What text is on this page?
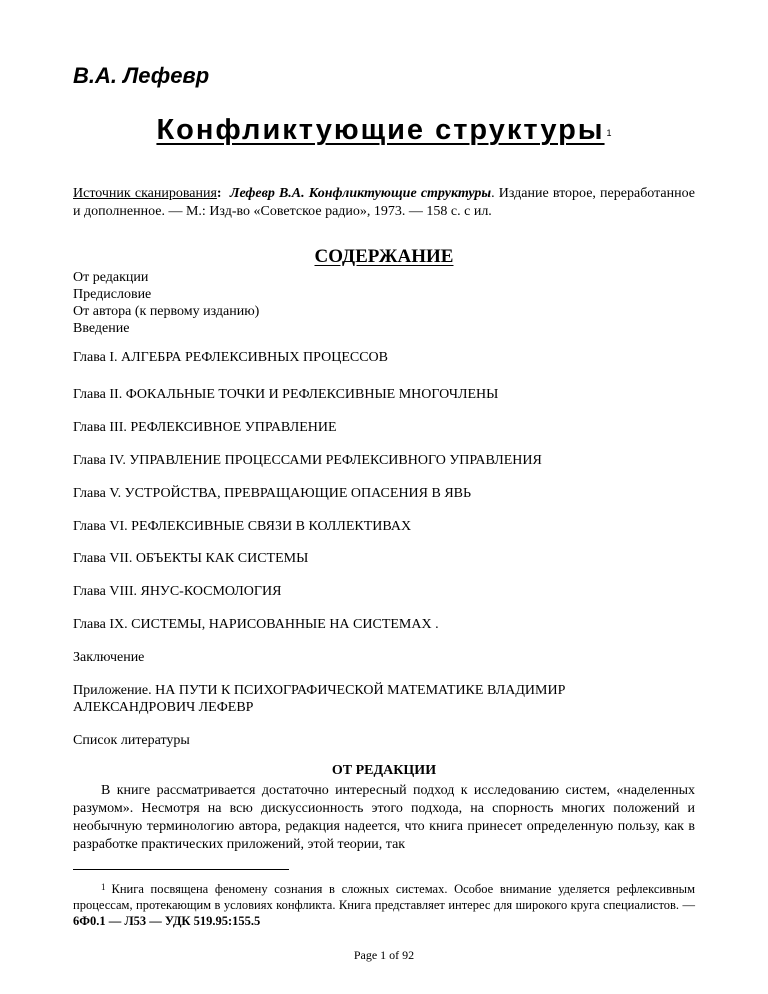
В.А. Лефевр
Конфликтующие структуры $^1$
Источник сканирования: Лефевр В.А. Конфликтующие структуры. Издание второе, переработанное и дополненное. — М.: Изд-во «Советское радио», 1973. — 158 с. с ил.
СОДЕРЖАНИЕ
От редакции
Предисловие
От автора (к первому изданию)
Введение
Глава I. АЛГЕБРА РЕФЛЕКСИВНЫХ ПРОЦЕССОВ
Глава II. ФОКАЛЬНЫЕ ТОЧКИ И РЕФЛЕКСИВНЫЕ МНОГОЧЛЕНЫ
Глава III. РЕФЛЕКСИВНОЕ УПРАВЛЕНИЕ
Глава IV. УПРАВЛЕНИЕ ПРОЦЕССАМИ РЕФЛЕКСИВНОГО УПРАВЛЕНИЯ
Глава V. УСТРОЙСТВА, ПРЕВРАЩАЮЩИЕ ОПАСЕНИЯ В ЯВЬ
Глава VI. РЕФЛЕКСИВНЫЕ СВЯЗИ В КОЛЛЕКТИВАХ
Глава VII. ОБЪЕКТЫ КАК СИСТЕМЫ
Глава VIII. ЯНУС-КОСМОЛОГИЯ
Глава IX. СИСТЕМЫ, НАРИСОВАННЫЕ НА СИСТЕМАХ .
Заключение
Приложение. НА ПУТИ К ПСИХОГРАФИЧЕСКОЙ МАТЕМАТИКЕ ВЛАДИМИР
АЛЕКСАНДРОВИЧ ЛЕФЕВР
Список литературы
ОТ РЕДАКЦИИ
В книге рассматривается достаточно интересный подход к исследованию систем, «наделенных разумом». Несмотря на всю дискуссионность этого подхода, на спорность многих положений и необычную терминологию автора, редакция надеется, что книга принесет определенную пользу, как в разработке практических приложений, этой теории, так
$^1$ Книга посвящена феномену сознания в сложных системах. Особое внимание уделяется рефлексивным процессам, протекающим в условиях конфликта. Книга представляет интерес для широкого круга специалистов. — 6Ф0.1 — Л53 — УДК 519.95:155.5
Page 1 of 92
